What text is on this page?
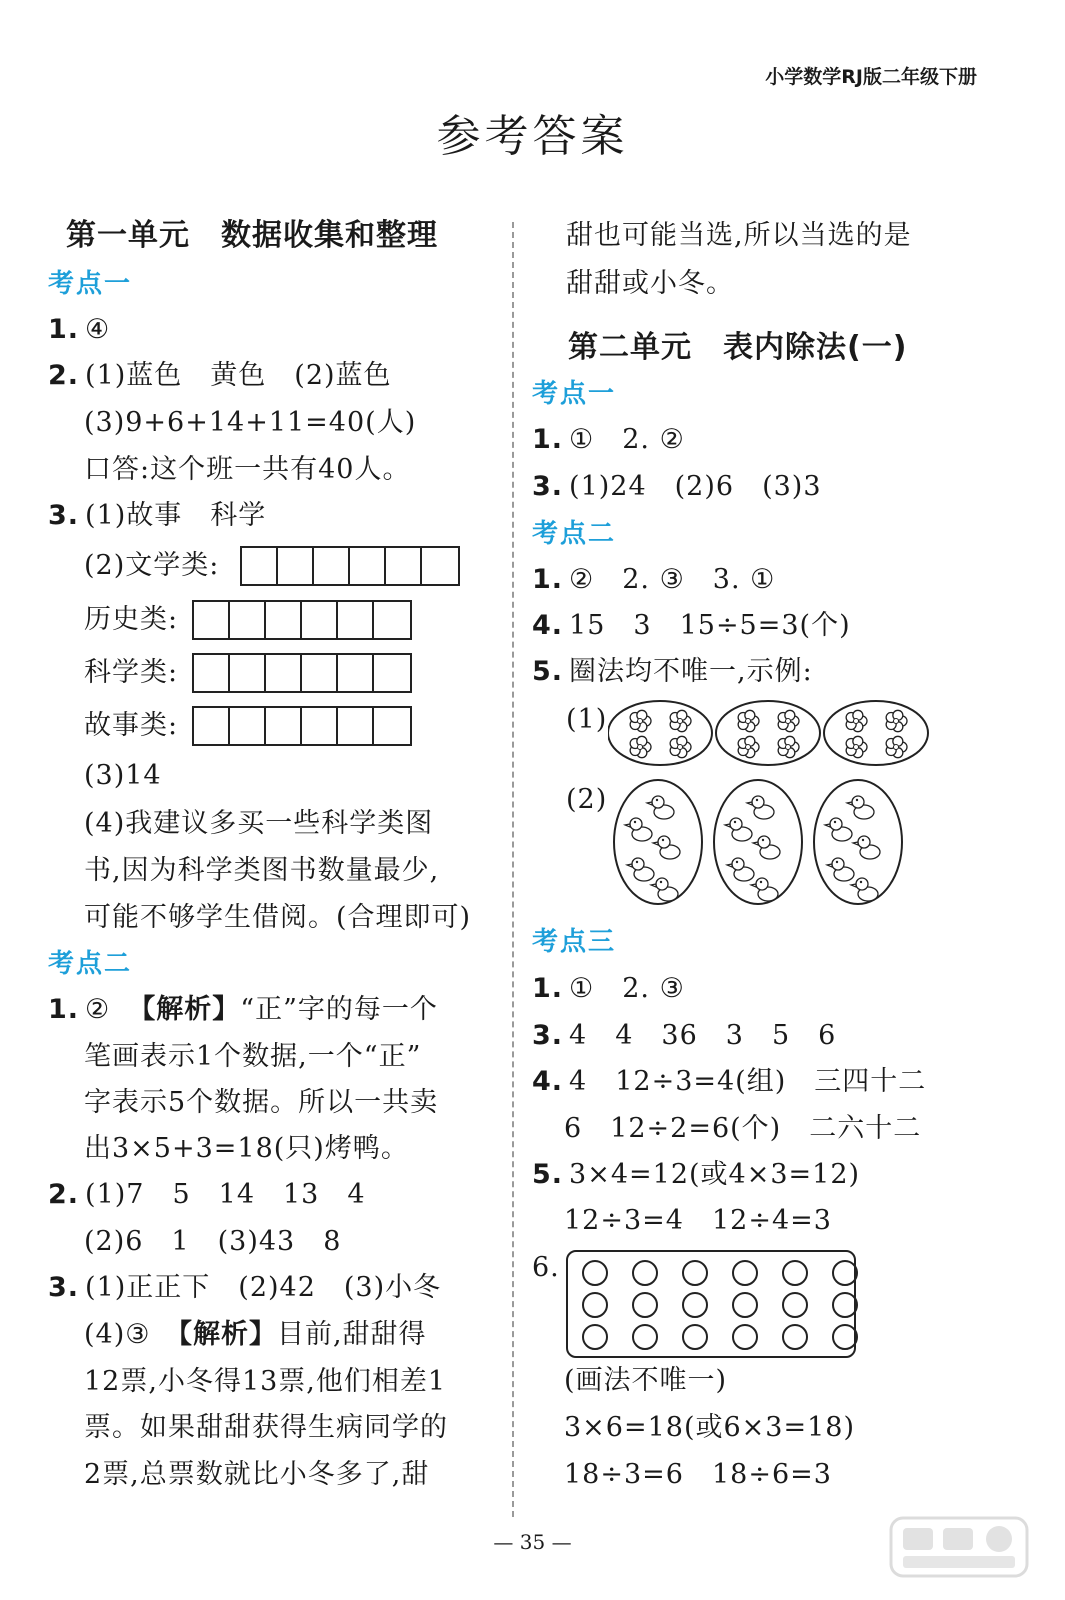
小学数学RJ版二年级下册
参考答案
第一单元　数据收集和整理
考点一
1. ④
2. (1)蓝色　黄色　(2)蓝色
(3)9+6+14+11=40(人)
口答:这个班一共有40人。
3. (1)故事　科学
(2)文学类:
历史类:
科学类:
故事类:
(3)14
(4)我建议多买一些科学类图
书,因为科学类图书数量最少,
可能不够学生借阅。(合理即可)
考点二
1. ② 【解析】“正”字的每一个
笔画表示1个数据,一个“正”
字表示5个数据。所以一共卖
出3×5+3=18(只)烤鸭。
2. (1)7　5　14　13　4
(2)6　1　(3)43　8
3. (1)正正下　(2)42　(3)小冬
(4)③　【解析】目前,甜甜得
12票,小冬得13票,他们相差1
票。如果甜甜获得生病同学的
2票,总票数就比小冬多了,甜
甜也可能当选,所以当选的是
甜甜或小冬。
第二单元　表内除法(一)
考点一
1. ①　2. ②
3. (1)24　(2)6　(3)3
考点二
1. ②　2. ③　3. ①
4. 15　3　15÷5=3(个)
5. 圈法均不唯一,示例:
(1)
(2)
考点三
1. ①　2. ③
3. 4　4　36　3　5　6
4. 4　12÷3=4(组)　三四十二
6　12÷2=6(个)　二六十二
5. 3×4=12(或4×3=12)
12÷3=4　12÷4=3
6.
(画法不唯一)
3×6=18(或6×3=18)
18÷3=6　18÷6=3
— 35 —
